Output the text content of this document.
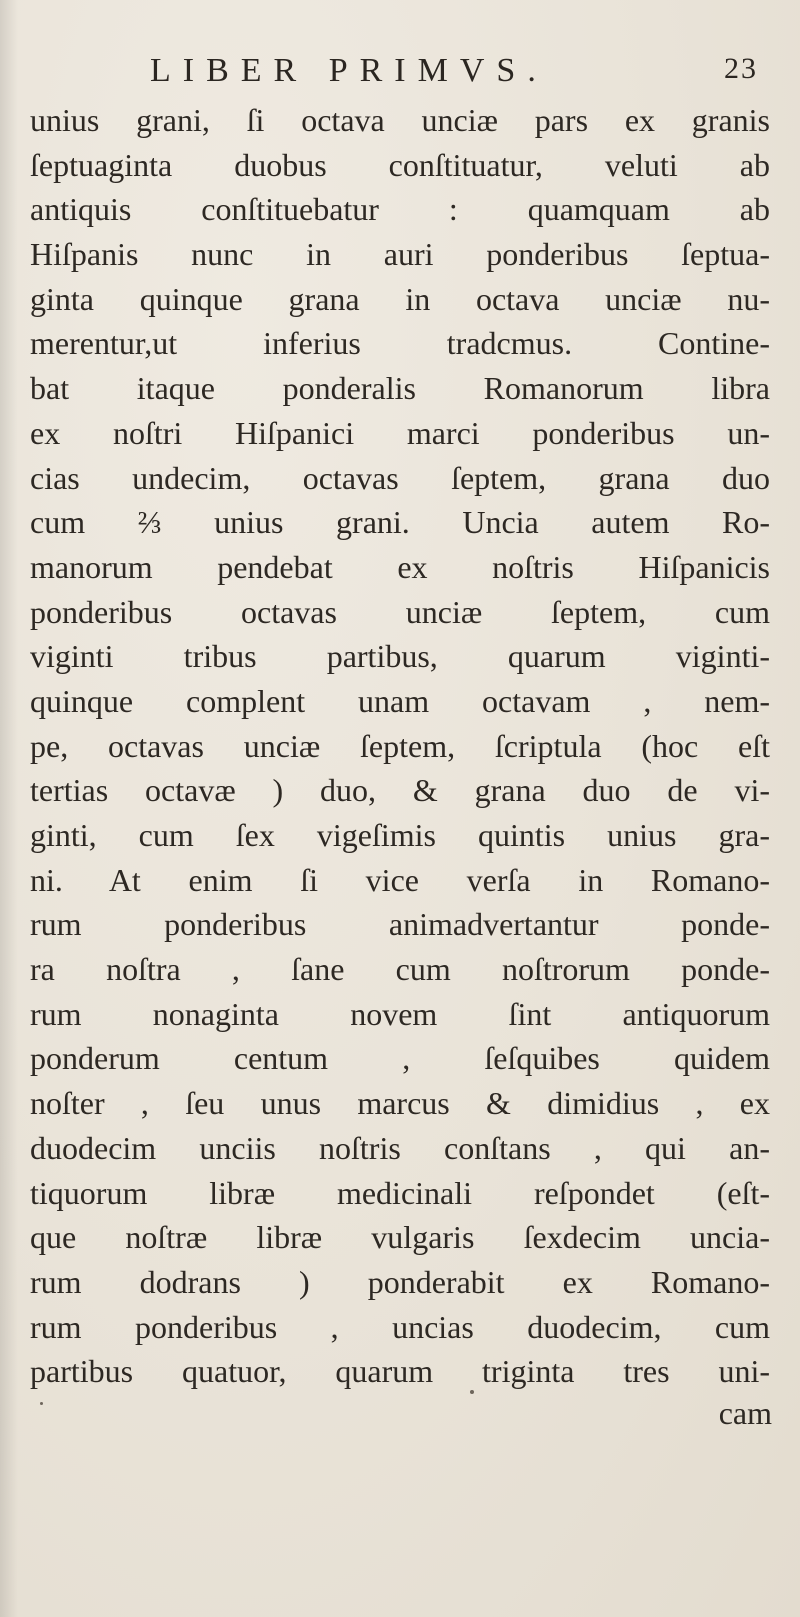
LIBER PRIMVS.	23
unius grani, ſi octava unciæ pars ex granis
ſeptuaginta duobus conſtituatur, veluti ab
antiquis conſtituebatur : quamquam ab
Hiſpanis nunc in auri ponderibus ſeptua-
ginta quinque grana in octava unciæ nu-
merentur,ut inferius tradcmus. Contine-
bat itaque ponderalis Romanorum libra
ex noſtri Hiſpanici marci ponderibus un-
cias undecim, octavas ſeptem, grana duo
cum ⅔ unius grani. Uncia autem Ro-
manorum pendebat ex noſtris Hiſpanicis
ponderibus octavas unciæ ſeptem, cum
viginti tribus partibus, quarum viginti-
quinque complent unam octavam , nem-
pe, octavas unciæ ſeptem, ſcriptula (hoc eſt
tertias octavæ ) duo, & grana duo de vi-
ginti, cum ſex vigeſimis quintis unius gra-
ni. At enim ſi vice verſa in Romano-
rum ponderibus animadvertantur ponde-
ra noſtra , ſane cum noſtrorum ponde-
rum nonaginta novem ſint antiquorum
ponderum centum , ſeſquibes quidem
noſter , ſeu unus marcus & dimidius , ex
duodecim unciis noſtris conſtans , qui an-
tiquorum libræ medicinali reſpondet (eſt-
que noſtræ libræ vulgaris ſexdecim uncia-
rum dodrans ) ponderabit ex Romano-
rum ponderibus , uncias duodecim, cum
partibus quatuor, quarum triginta tres uni-
cam
